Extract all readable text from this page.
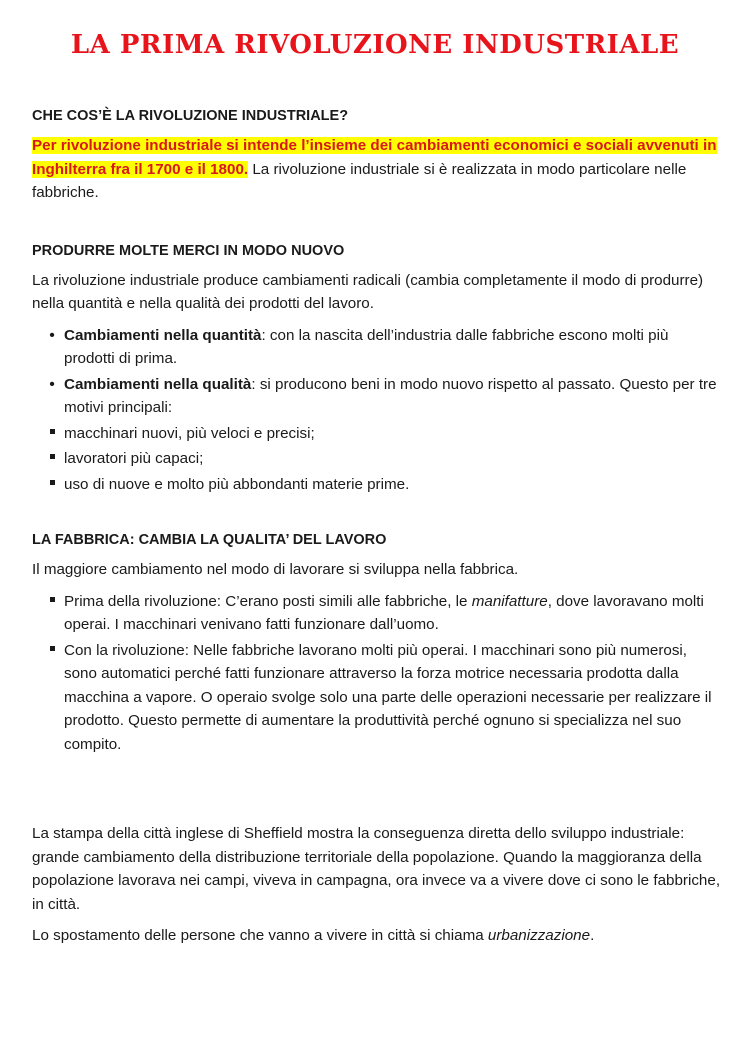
LA PRIMA RIVOLUZIONE INDUSTRIALE
CHE COS’È LA RIVOLUZIONE INDUSTRIALE?

Per rivoluzione industriale si intende l’insieme dei cambiamenti economici e sociali avvenuti in Inghilterra fra il 1700 e il 1800. La rivoluzione industriale si è realizzata in modo particolare nelle fabbriche.

PRODURRE MOLTE MERCI IN MODO NUOVO

La rivoluzione industriale produce cambiamenti radicali (cambia completamente il modo di produrre) nella quantità e nella qualità dei prodotti del lavoro.

•
Cambiamenti nella quantità: con la nascita dell’industria dalle fabbriche escono molti più prodotti di prima.
•
Cambiamenti nella qualità: si producono beni in modo nuovo rispetto al passato. Questo per tre motivi principali:
macchinari nuovi, più veloci e precisi;
lavoratori più capaci;
uso di nuove e molto più abbondanti materie prime.
LA FABBRICA: CAMBIA LA QUALITA’ DEL LAVORO

Il maggiore cambiamento nel modo di lavorare si sviluppa nella fabbrica.

Prima della rivoluzione: C’erano posti simili alle fabbriche, le manifatture, dove lavoravano molti operai. I macchinari venivano fatti funzionare dall’uomo.
Con la rivoluzione: Nelle fabbriche lavorano molti più operai. I macchinari sono più numerosi, sono automatici perché fatti funzionare attraverso la forza motrice necessaria prodotta dalla macchina a vapore. O operaio svolge solo una parte delle operazioni necessarie per realizzare il prodotto. Questo permette di aumentare la produttività perché ognuno si specializza nel suo compito.

La stampa della città inglese di Sheffield mostra la conseguenza diretta dello sviluppo industriale: grande cambiamento della distribuzione territoriale della popolazione. Quando la maggioranza della popolazione lavorava nei campi, viveva in campagna, ora invece va a vivere dove ci sono le fabbriche, in città.

Lo spostamento delle persone che vanno a vivere in città si chiama urbanizzazione.
